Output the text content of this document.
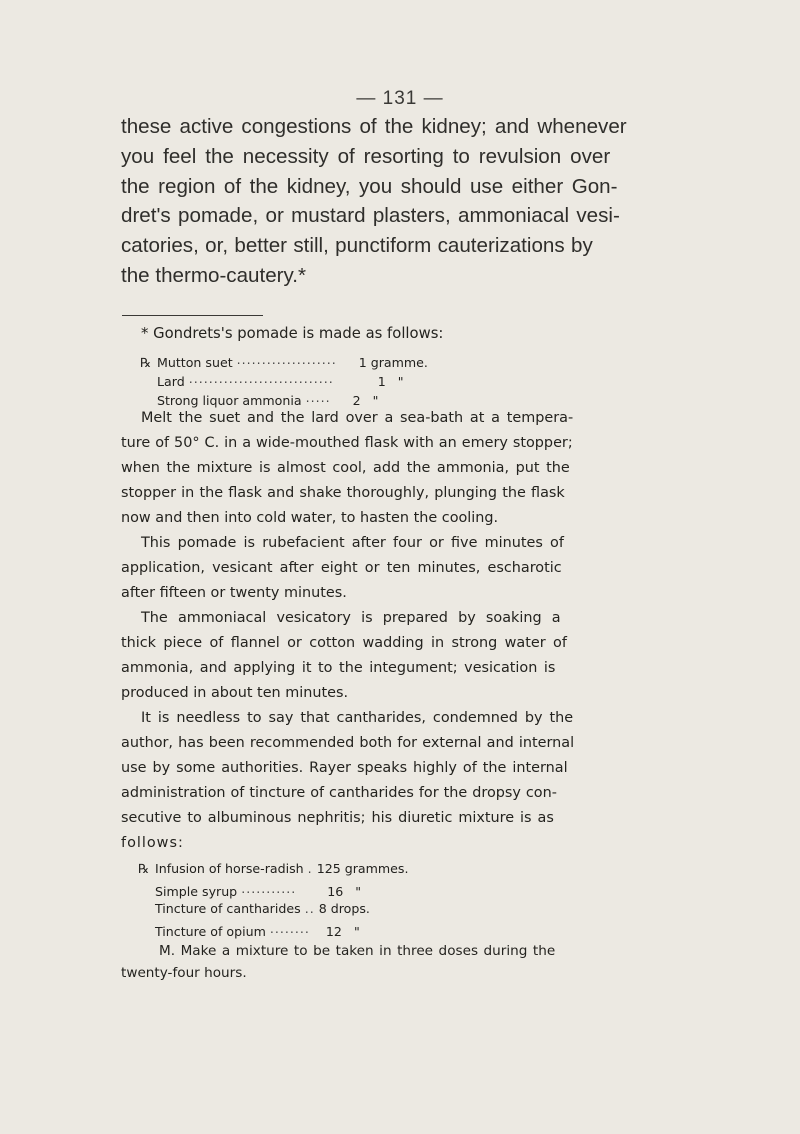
— 131 —
these active congestions of the kidney; and whenever
you feel the necessity of resorting to revulsion over
the region of the kidney, you should use either Gon-
dret's pomade, or mustard plasters, ammoniacal vesi-
catories, or, better still, punctiform cauterizations by
the thermo-cautery.*
* Gondrets's pomade is made as follows:
℞ Mutton suet .................... 1 gramme.
Lard .............................	1   "
Strong liquor ammonia ..... 2   "
Melt the suet and the lard over a sea-bath at a tempera-
ture of 50° C. in a wide-mouthed flask with an emery stopper;
when the mixture is almost cool, add the ammonia, put the
stopper in the flask and shake thoroughly, plunging the flask
now and then into cold water, to hasten the cooling.
This pomade is rubefacient after four or five minutes of
application, vesicant after eight or ten minutes, escharotic
after fifteen or twenty minutes.
The ammoniacal vesicatory is prepared by soaking a
thick piece of flannel or cotton wadding in strong water of
ammonia, and applying it to the integument; vesication is
produced in about ten minutes.
It is needless to say that cantharides, condemned by the
author, has been recommended both for external and internal
use by some authorities. Rayer speaks highly of the internal
administration of tincture of cantharides for the dropsy con-
secutive to albuminous nephritis; his diuretic mixture is as
follows:
℞ Infusion of horse-radish . 125 grammes.
Simple syrup ........... 16   "
Tincture of cantharides .. 8 drops.
Tincture of opium ........ 12   "
M. Make a mixture to be taken in three doses during the
twenty-four hours.
